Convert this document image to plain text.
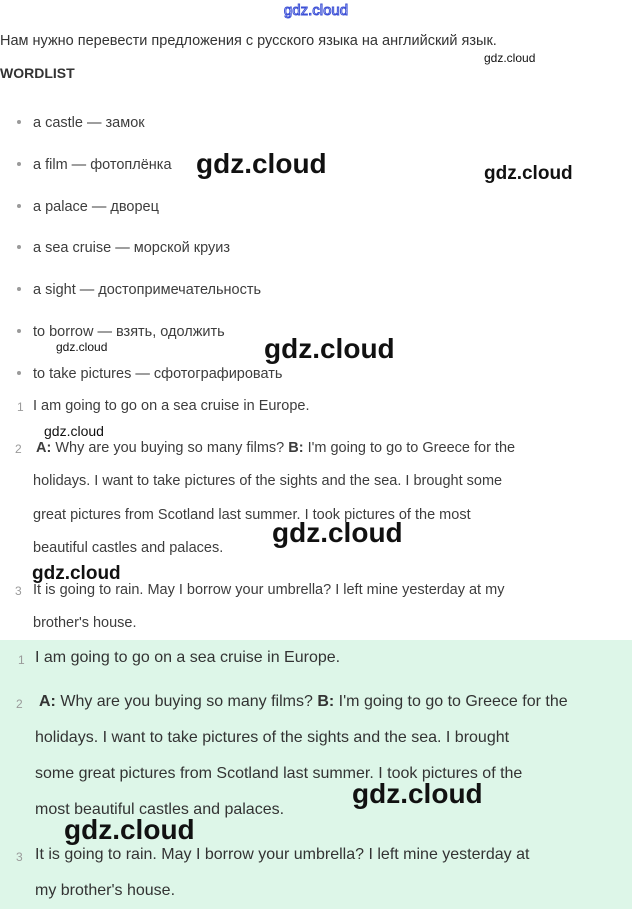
gdz.cloud
Нам нужно перевести предложения с русского языка на английский язык.
WORDLIST
a castle — замок
a film — фотоплёнка
a palace — дворец
a sea cruise — морской круиз
a sight — достопримечательность
to borrow — взять, одолжить
to take pictures — сфотографировать
1 I am going to go on a sea cruise in Europe.
2 A: Why are you buying so many films? B: I'm going to go to Greece for the
holidays. I want to take pictures of the sights and the sea. I brought some
great pictures from Scotland last summer. I took pictures of the most
beautiful castles and palaces.
3 It is going to rain. May I borrow your umbrella? I left mine yesterday at my
brother's house.
1 I am going to go on a sea cruise in Europe.
2 A: Why are you buying so many films? B: I'm going to go to Greece for the
holidays. I want to take pictures of the sights and the sea. I brought
some great pictures from Scotland last summer. I took pictures of the
most beautiful castles and palaces.
3 It is going to rain. May I borrow your umbrella? I left mine yesterday at
my brother's house.
gdz.cloud
gdz.cloud	gdz.cloud
gdz.cloud	gdz.cloud
gdz.cloud
gdz.cloud
gdz.cloud
gdz.cloud
gdz.cloud
